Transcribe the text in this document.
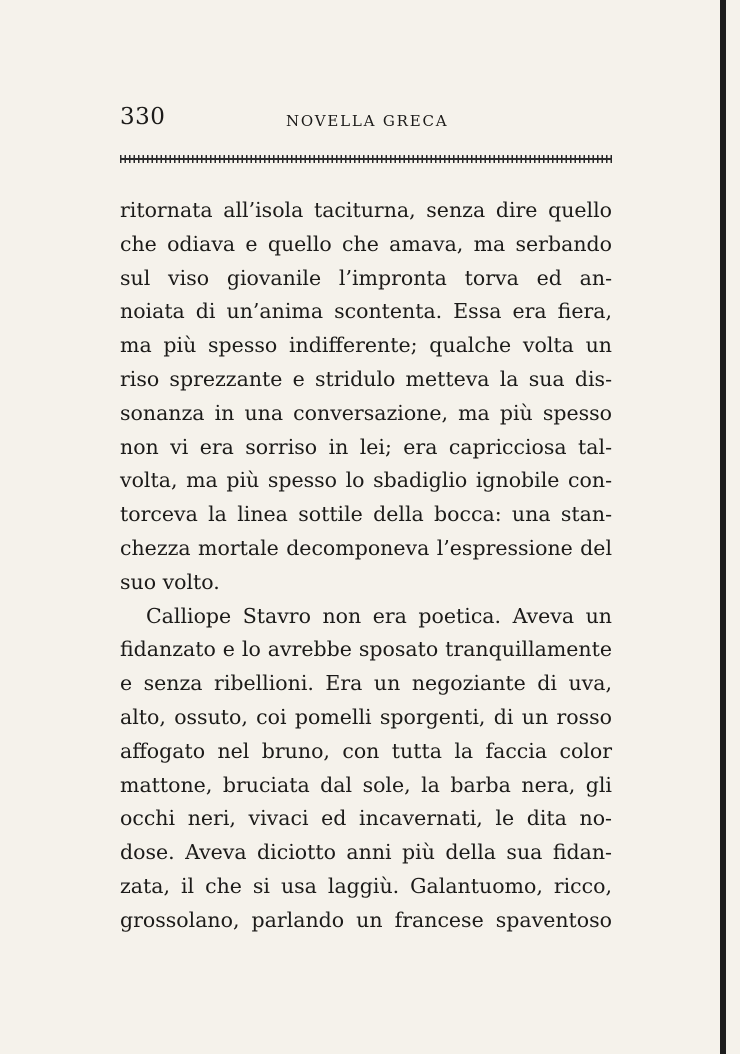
330	NOVELLA GRECA
ritornata all’isola taciturna, senza dire quello
che odiava e quello che amava, ma serbando
sul viso giovanile l’impronta torva ed an-
noiata di un’anima scontenta. Essa era fiera,
ma più spesso indifferente; qualche volta un
riso sprezzante e stridulo metteva la sua dis-
sonanza in una conversazione, ma più spesso
non vi era sorriso in lei; era capricciosa tal-
volta, ma più spesso lo sbadiglio ignobile con-
torceva la linea sottile della bocca: una stan-
chezza mortale decomponeva l’espressione del
suo volto.
Calliope Stavro non era poetica. Aveva un
fidanzato e lo avrebbe sposato tranquillamente
e senza ribellioni. Era un negoziante di uva,
alto, ossuto, coi pomelli sporgenti, di un rosso
affogato nel bruno, con tutta la faccia color
mattone, bruciata dal sole, la barba nera, gli
occhi neri, vivaci ed incavernati, le dita no-
dose. Aveva diciotto anni più della sua fidan-
zata, il che si usa laggiù. Galantuomo, ricco,
grossolano, parlando un francese spaventoso
